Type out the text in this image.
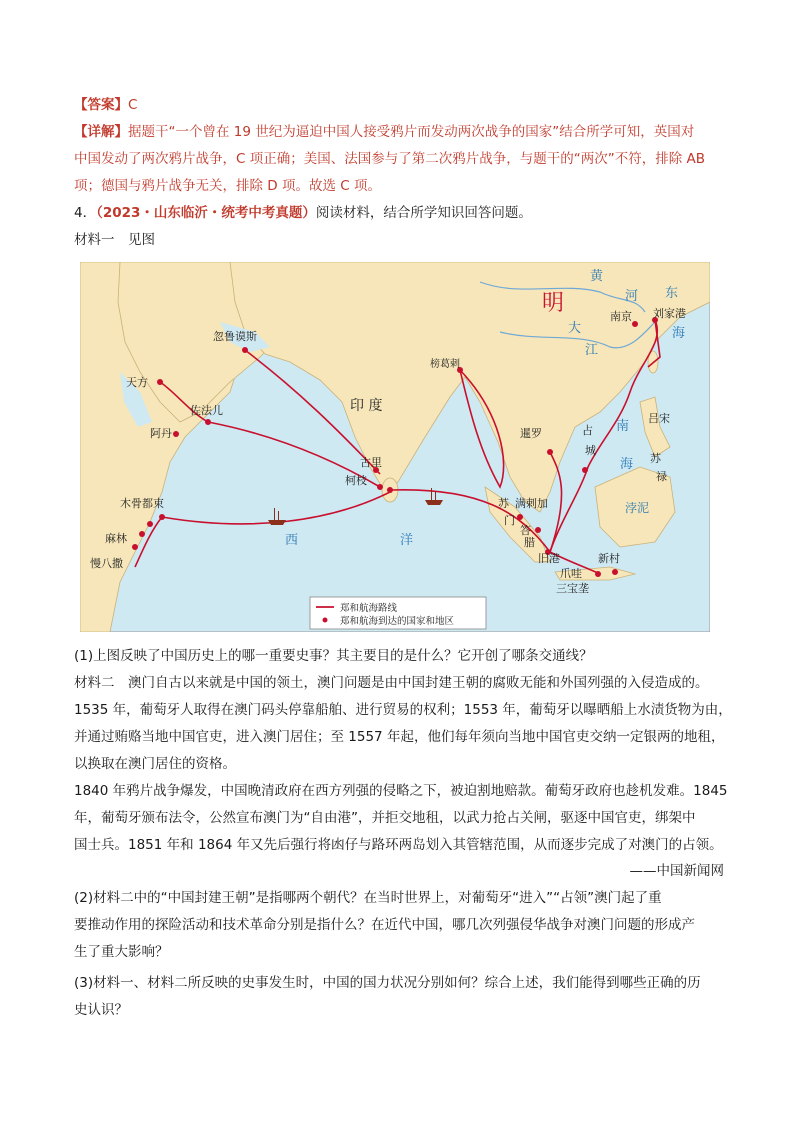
【答案】C
【详解】据题干“一个曾在 19 世纪为逼迫中国人接受鸦片而发动两次战争的国家”结合所学可知，英国对
中国发动了两次鸦片战争，C 项正确；美国、法国参与了第二次鸦片战争，与题干的“两次”不符，排除 AB
项；德国与鸦片战争无关，排除 D 项。故选 C 项。
4．（2023・山东临沂・统考中考真题）阅读材料，结合所学知识回答问题。
材料一　见图
明
黄
河 东
海
南京 刘家港
大
江
忽鲁谟斯
天方
佐法儿
阿丹
榜葛剌
印 度
古里
柯枝
暹罗	占
城
南
海
吕宋
苏
禄
浡泥
木骨都束
麻林
慢八撒
西	洋
满剌加
苏
门
答
腊
旧港
爪哇
新村
三宝垄
郑和航海路线
郑和航海到达的国家和地区
(1)上图反映了中国历史上的哪一重要史事？其主要目的是什么？它开创了哪条交通线？
材料二　澳门自古以来就是中国的领土，澳门问题是由中国封建王朝的腐败无能和外国列强的入侵造成的。
1535 年，葡萄牙人取得在澳门码头停靠船舶、进行贸易的权利；1553 年，葡萄牙以曝晒船上水渍货物为由，
并通过贿赂当地中国官吏，进入澳门居住；至 1557 年起，他们每年须向当地中国官吏交纳一定银两的地租，
以换取在澳门居住的资格。
1840 年鸦片战争爆发，中国晚清政府在西方列强的侵略之下，被迫割地赔款。葡萄牙政府也趁机发难。1845
年，葡萄牙颁布法令，公然宣布澳门为“自由港”，并拒交地租，以武力抢占关闸，驱逐中国官吏，绑架中
国士兵。1851 年和 1864 年又先后强行将凼仔与路环两岛划入其管辖范围，从而逐步完成了对澳门的占领。
——中国新闻网
(2)材料二中的“中国封建王朝”是指哪两个朝代？在当时世界上，对葡萄牙“进入”“占领”澳门起了重
要推动作用的探险活动和技术革命分别是指什么？在近代中国，哪几次列强侵华战争对澳门问题的形成产
生了重大影响？
(3)材料一、材料二所反映的史事发生时，中国的国力状况分别如何？综合上述，我们能得到哪些正确的历
史认识？
